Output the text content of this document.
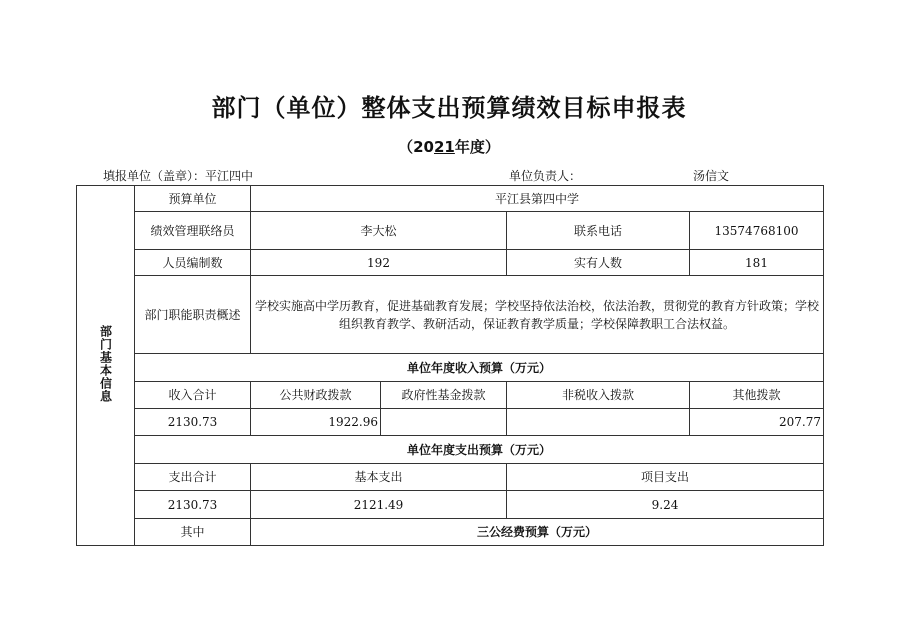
部门（单位）整体支出预算绩效目标申报表
（2021年度）
填报单位（盖章）：平江四中	单位负责人：	汤信文
部门基本信息	预算单位	平江县第四中学			
	绩效管理联络员	李大松		联系电话	13574768100
	人员编制数	192		实有人数	181
	部门职能职责概述	学校实施高中学历教育，促进基础教育发展；学校坚持依法治校，依法治教，贯彻党的教育方针政策；学校组织教育教学、教研活动，保证教育教学质量；学校保障教职工合法权益。			
	单位年度收入预算（万元）				
	收入合计	公共财政拨款	政府性基金拨款	非税收入拨款	其他拨款
	2130.73	1922.96			207.77
	单位年度支出预算（万元）				
	支出合计	基本支出		项目支出	
	2130.73	2121.49		9.24	
	其中	三公经费预算（万元）			
